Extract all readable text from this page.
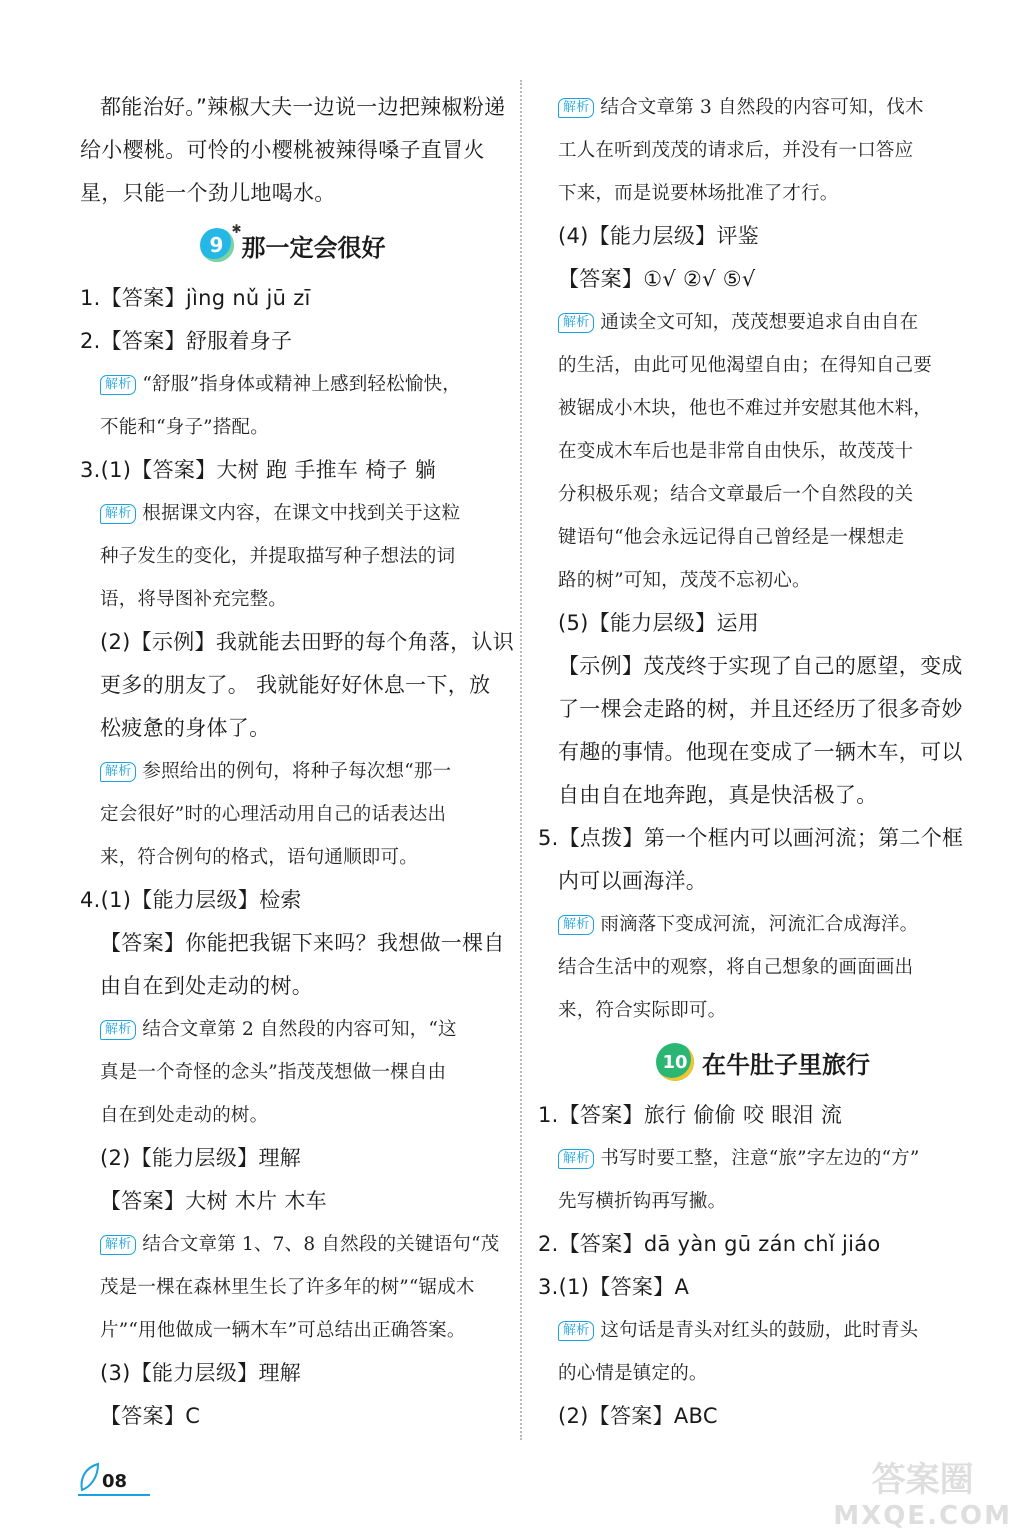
都能治好。”辣椒大夫一边说一边把辣椒粉递
给小樱桃。可怜的小樱桃被辣得嗓子直冒火
星，只能一个劲儿地喝水。
9
✱
那一定会很好
1.【答案】jìng nǔ jū zī
2.【答案】舒服着身子
解析 “舒服”指身体或精神上感到轻松愉快，
不能和“身子”搭配。
3.(1)【答案】大树 跑 手推车 椅子 躺
解析 根据课文内容，在课文中找到关于这粒
种子发生的变化，并提取描写种子想法的词
语，将导图补充完整。
(2)【示例】我就能去田野的每个角落，认识
更多的朋友了。 我就能好好休息一下，放
松疲惫的身体了。
解析 参照给出的例句，将种子每次想“那一
定会很好”时的心理活动用自己的话表达出
来，符合例句的格式，语句通顺即可。
4.(1)【能力层级】检索
【答案】你能把我锯下来吗？我想做一棵自
由自在到处走动的树。
解析 结合文章第 2 自然段的内容可知，“这
真是一个奇怪的念头”指茂茂想做一棵自由
自在到处走动的树。
(2)【能力层级】理解
【答案】大树 木片 木车
解析 结合文章第 1、7、8 自然段的关键语句“茂
茂是一棵在森林里生长了许多年的树”“锯成木
片”“用他做成一辆木车”可总结出正确答案。
(3)【能力层级】理解
【答案】C
解析 结合文章第 3 自然段的内容可知，伐木
工人在听到茂茂的请求后，并没有一口答应
下来，而是说要林场批准了才行。
(4)【能力层级】评鉴
【答案】①√ ②√ ⑤√
解析 通读全文可知，茂茂想要追求自由自在
的生活，由此可见他渴望自由；在得知自己要
被锯成小木块，他也不难过并安慰其他木料，
在变成木车后也是非常自由快乐，故茂茂十
分积极乐观；结合文章最后一个自然段的关
键语句“他会永远记得自己曾经是一棵想走
路的树”可知，茂茂不忘初心。
(5)【能力层级】运用
【示例】茂茂终于实现了自己的愿望，变成
了一棵会走路的树，并且还经历了很多奇妙
有趣的事情。他现在变成了一辆木车，可以
自由自在地奔跑，真是快活极了。
5.【点拨】第一个框内可以画河流；第二个框
内可以画海洋。
解析 雨滴落下变成河流，河流汇合成海洋。
结合生活中的观察，将自己想象的画面画出
来，符合实际即可。
10 在牛肚子里旅行
1.【答案】旅行 偷偷 咬 眼泪 流
解析 书写时要工整，注意“旅”字左边的“方”
先写横折钩再写撇。
2.【答案】dā yàn gū zán chǐ jiáo
3.(1)【答案】A
解析 这句话是青头对红头的鼓励，此时青头
的心情是镇定的。
(2)【答案】ABC
08	答案圈
MXQE.COM
